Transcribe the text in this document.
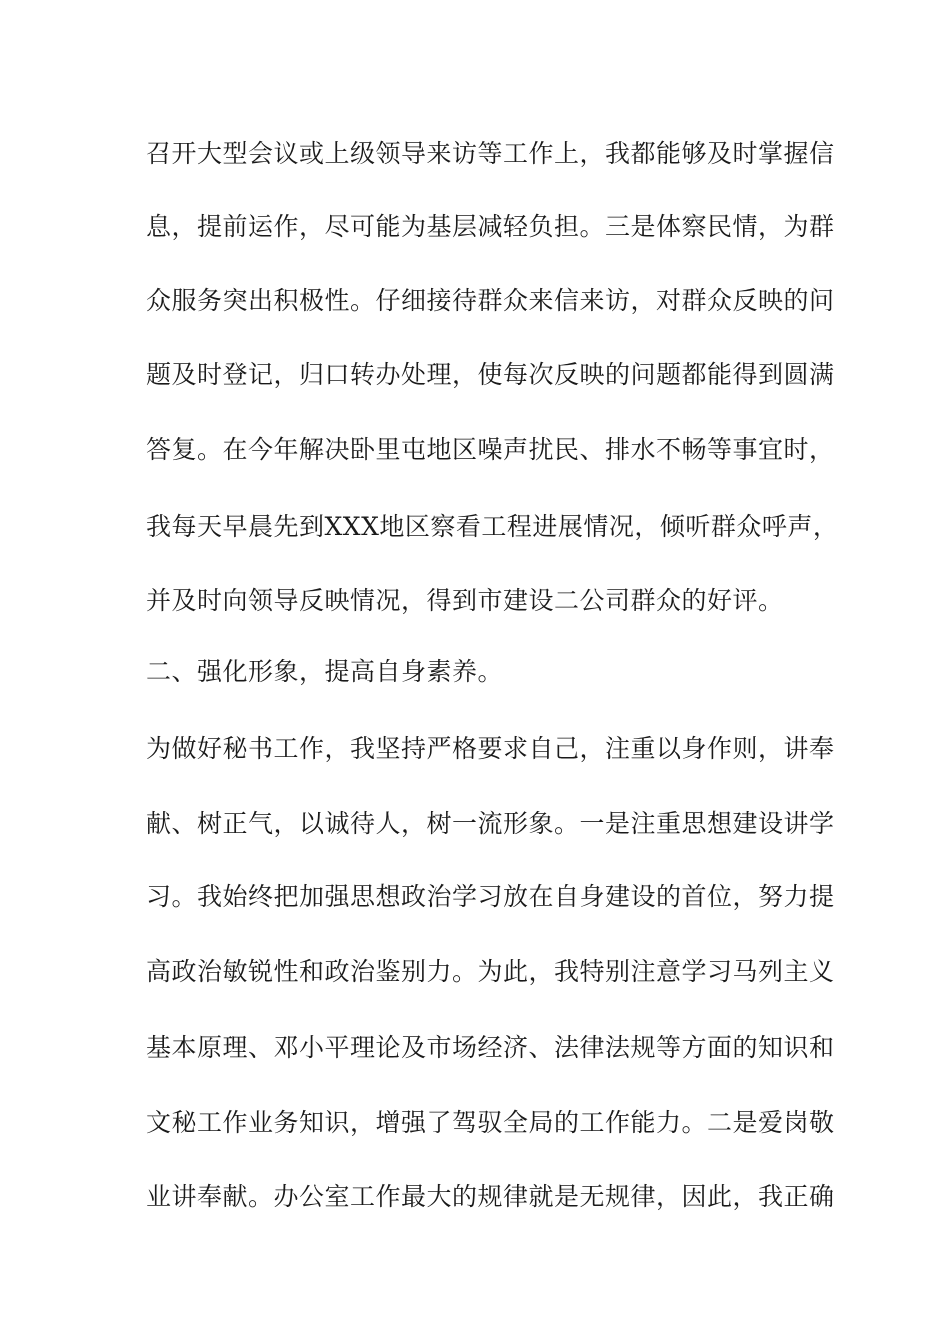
召开大型会议或上级领导来访等工作上，我都能够及时掌握信

息，提前运作，尽可能为基层减轻负担。三是体察民情，为群

众服务突出积极性。仔细接待群众来信来访，对群众反映的问

题及时登记，归口转办处理，使每次反映的问题都能得到圆满

答复。在今年解决卧里屯地区噪声扰民、排水不畅等事宜时，

我每天早晨先到XXX地区察看工程进展情况，倾听群众呼声，

并及时向领导反映情况，得到市建设二公司群众的好评。

二、强化形象，提高自身素养。

为做好秘书工作，我坚持严格要求自己，注重以身作则，讲奉

献、树正气，以诚待人，树一流形象。一是注重思想建设讲学

习。我始终把加强思想政治学习放在自身建设的首位，努力提

高政治敏锐性和政治鉴别力。为此，我特别注意学习马列主义

基本原理、邓小平理论及市场经济、法律法规等方面的知识和

文秘工作业务知识，增强了驾驭全局的工作能力。二是爱岗敬

业讲奉献。办公室工作最大的规律就是无规律，因此，我正确
